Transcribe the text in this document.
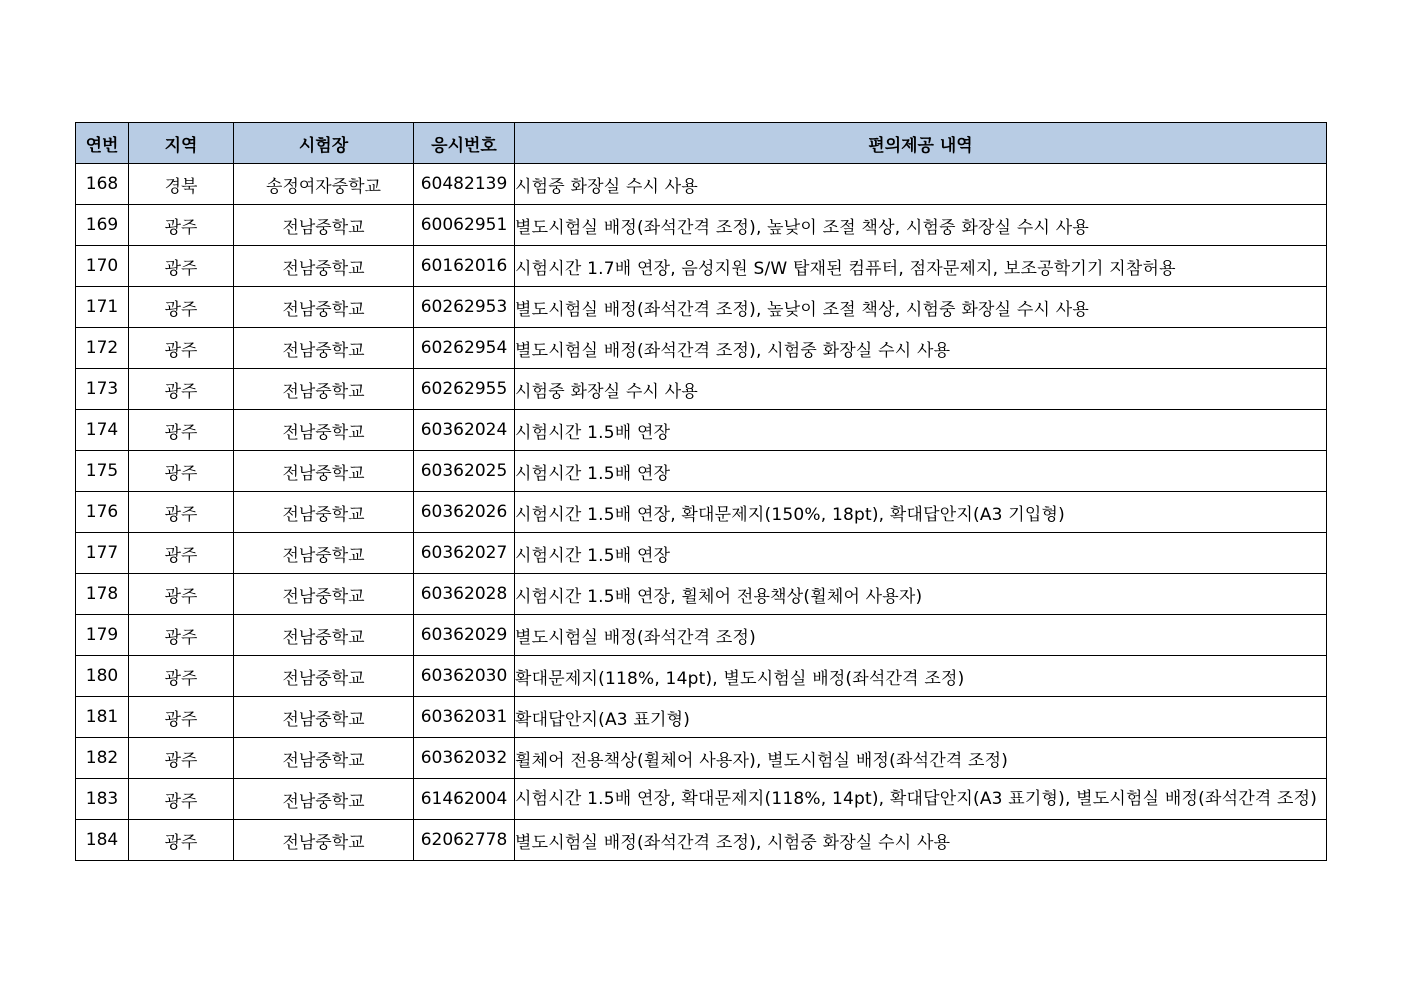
연번	지역	시험장	응시번호	편의제공 내역
168	경북	송정여자중학교	60482139	시험중 화장실 수시 사용
169	광주	전남중학교	60062951	별도시험실 배정(좌석간격 조정), 높낮이 조절 책상, 시험중 화장실 수시 사용
170	광주	전남중학교	60162016	시험시간 1.7배 연장, 음성지원 S/W 탑재된 컴퓨터, 점자문제지, 보조공학기기 지참허용
171	광주	전남중학교	60262953	별도시험실 배정(좌석간격 조정), 높낮이 조절 책상, 시험중 화장실 수시 사용
172	광주	전남중학교	60262954	별도시험실 배정(좌석간격 조정), 시험중 화장실 수시 사용
173	광주	전남중학교	60262955	시험중 화장실 수시 사용
174	광주	전남중학교	60362024	시험시간 1.5배 연장
175	광주	전남중학교	60362025	시험시간 1.5배 연장
176	광주	전남중학교	60362026	시험시간 1.5배 연장, 확대문제지(150%, 18pt), 확대답안지(A3 기입형)
177	광주	전남중학교	60362027	시험시간 1.5배 연장
178	광주	전남중학교	60362028	시험시간 1.5배 연장, 휠체어 전용책상(휠체어 사용자)
179	광주	전남중학교	60362029	별도시험실 배정(좌석간격 조정)
180	광주	전남중학교	60362030	확대문제지(118%, 14pt), 별도시험실 배정(좌석간격 조정)
181	광주	전남중학교	60362031	확대답안지(A3 표기형)
182	광주	전남중학교	60362032	휠체어 전용책상(휠체어 사용자), 별도시험실 배정(좌석간격 조정)
183	광주	전남중학교	61462004	시험시간 1.5배 연장, 확대문제지(118%, 14pt), 확대답안지(A3 표기형), 별도시험실 배정(좌석간격 조정)
184	광주	전남중학교	62062778	별도시험실 배정(좌석간격 조정), 시험중 화장실 수시 사용
